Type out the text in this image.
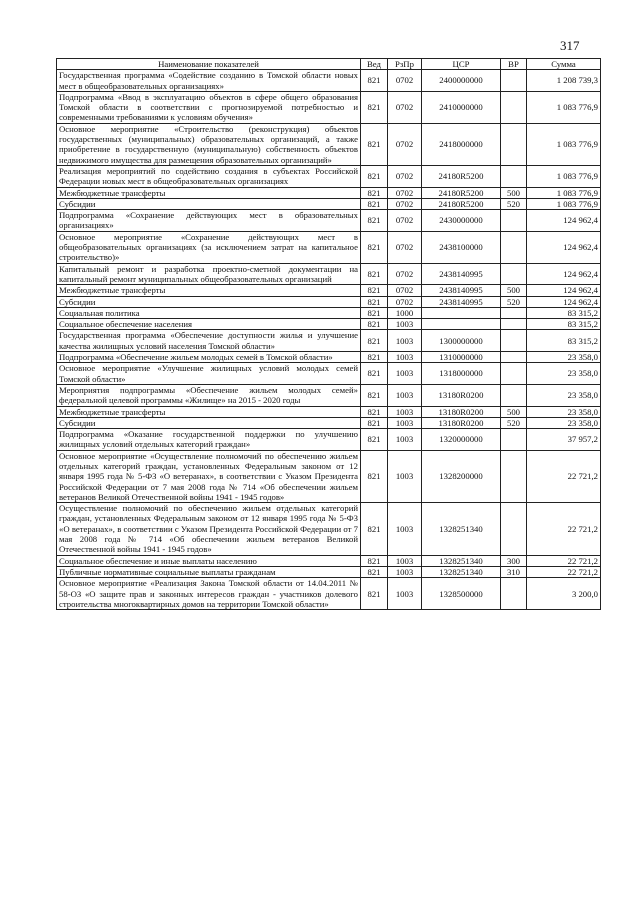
317
Наименование показателей	Вед	РзПр	ЦСР	ВР	Сумма
Государственная программа «Содействие созданию в Томской области новых мест в общеобразовательных организациях»	821	0702	2400000000		1 208 739,3
Подпрограмма «Ввод в эксплуатацию объектов в сфере общего образования Томской области в соответствии с прогнозируемой потребностью и современными требованиями к условиям обучения»	821	0702	2410000000		1 083 776,9
Основное мероприятие «Строительство (реконструкция) объектов государственных (муниципальных) образовательных организаций, а также приобретение в государственную (муниципальную) собственность объектов недвижимого имущества для размещения образовательных организаций»	821	0702	2418000000		1 083 776,9
Реализация мероприятий по содействию создания в субъектах Российской Федерации новых мест в общеобразовательных организациях	821	0702	24180R5200		1 083 776,9
Межбюджетные трансферты	821	0702	24180R5200	500	1 083 776,9
Субсидии	821	0702	24180R5200	520	1 083 776,9
Подпрограмма «Сохранение действующих мест в образовательных организациях»	821	0702	2430000000		124 962,4
Основное мероприятие «Сохранение действующих мест в общеобразовательных организациях (за исключением затрат на капитальное строительство)»	821	0702	2438100000		124 962,4
Капитальный ремонт и разработка проектно-сметной документации на капитальный ремонт муниципальных общеобразовательных организаций	821	0702	2438140995		124 962,4
Межбюджетные трансферты	821	0702	2438140995	500	124 962,4
Субсидии	821	0702	2438140995	520	124 962,4
Социальная политика	821	1000			83 315,2
Социальное обеспечение населения	821	1003			83 315,2
Государственная программа «Обеспечение доступности жилья и улучшение качества жилищных условий населения Томской области»	821	1003	1300000000		83 315,2
Подпрограмма «Обеспечение жильем молодых семей в Томской области»	821	1003	1310000000		23 358,0
Основное мероприятие «Улучшение жилищных условий молодых семей Томской области»	821	1003	1318000000		23 358,0
Мероприятия подпрограммы «Обеспечение жильем молодых семей» федеральной целевой программы «Жилище» на 2015 - 2020 годы	821	1003	13180R0200		23 358,0
Межбюджетные трансферты	821	1003	13180R0200	500	23 358,0
Субсидии	821	1003	13180R0200	520	23 358,0
Подпрограмма «Оказание государственной поддержки по улучшению жилищных условий отдельных категорий граждан»	821	1003	1320000000		37 957,2
Основное мероприятие «Осуществление полномочий по обеспечению жильем отдельных категорий граждан, установленных Федеральным законом от 12 января 1995 года № 5-ФЗ «О ветеранах», в соответствии с Указом Президента Российской Федерации от 7 мая 2008 года № 714 «Об обеспечении жильем ветеранов Великой Отечественной войны 1941 - 1945 годов»	821	1003	1328200000		22 721,2
Осуществление полномочий по обеспечению жильем отдельных категорий граждан, установленных Федеральным законом от 12 января 1995 года № 5-ФЗ «О ветеранах», в соответствии с Указом Президента Российской Федерации от 7 мая 2008 года № 714 «Об обеспечении жильем ветеранов Великой Отечественной войны 1941 - 1945 годов»	821	1003	1328251340		22 721,2
Социальное обеспечение и иные выплаты населению	821	1003	1328251340	300	22 721,2
Публичные нормативные социальные выплаты гражданам	821	1003	1328251340	310	22 721,2
Основное мероприятие «Реализация Закона Томской области от 14.04.2011 № 58-ОЗ «О защите прав и законных интересов граждан - участников долевого строительства многоквартирных домов на территории Томской области»	821	1003	1328500000		3 200,0
